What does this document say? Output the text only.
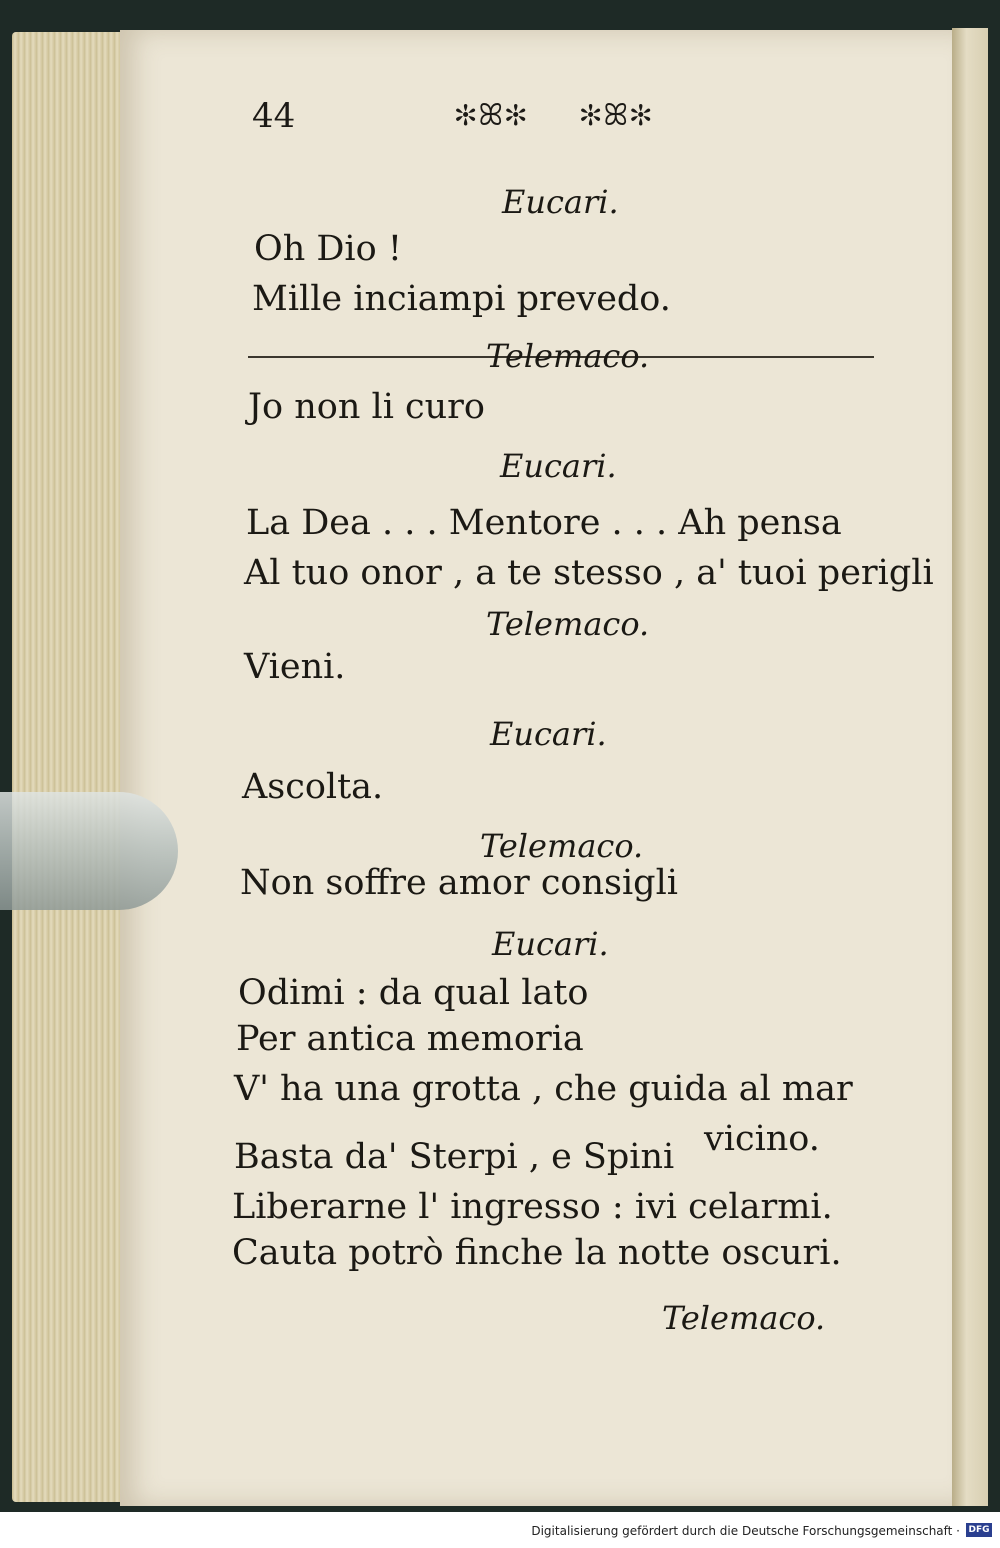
44	✻ꕤ✻ ✻ꕤ✻
Eucari.
Oh Dio !
Mille inciampi prevedo.
Telemaco.
Jo non li curo
Eucari.
La Dea . . . Mentore . . . Ah pensa
Al tuo onor , a te stesso , a' tuoi perigli
Telemaco.
Vieni.
Eucari.
Ascolta.
Telemaco.
Non soffre amor consigli
Eucari.
Odimi : da qual lato
Per antica memoria
V' ha una grotta , che guida al mar
vicino.
Basta da' Sterpi , e Spini
Liberarne l' ingresso : ivi celarmi.
Cauta potrò finche la notte oscuri.
Telemaco.
Digitalisierung gefördert durch die Deutsche Forschungsgemeinschaft · DFG
